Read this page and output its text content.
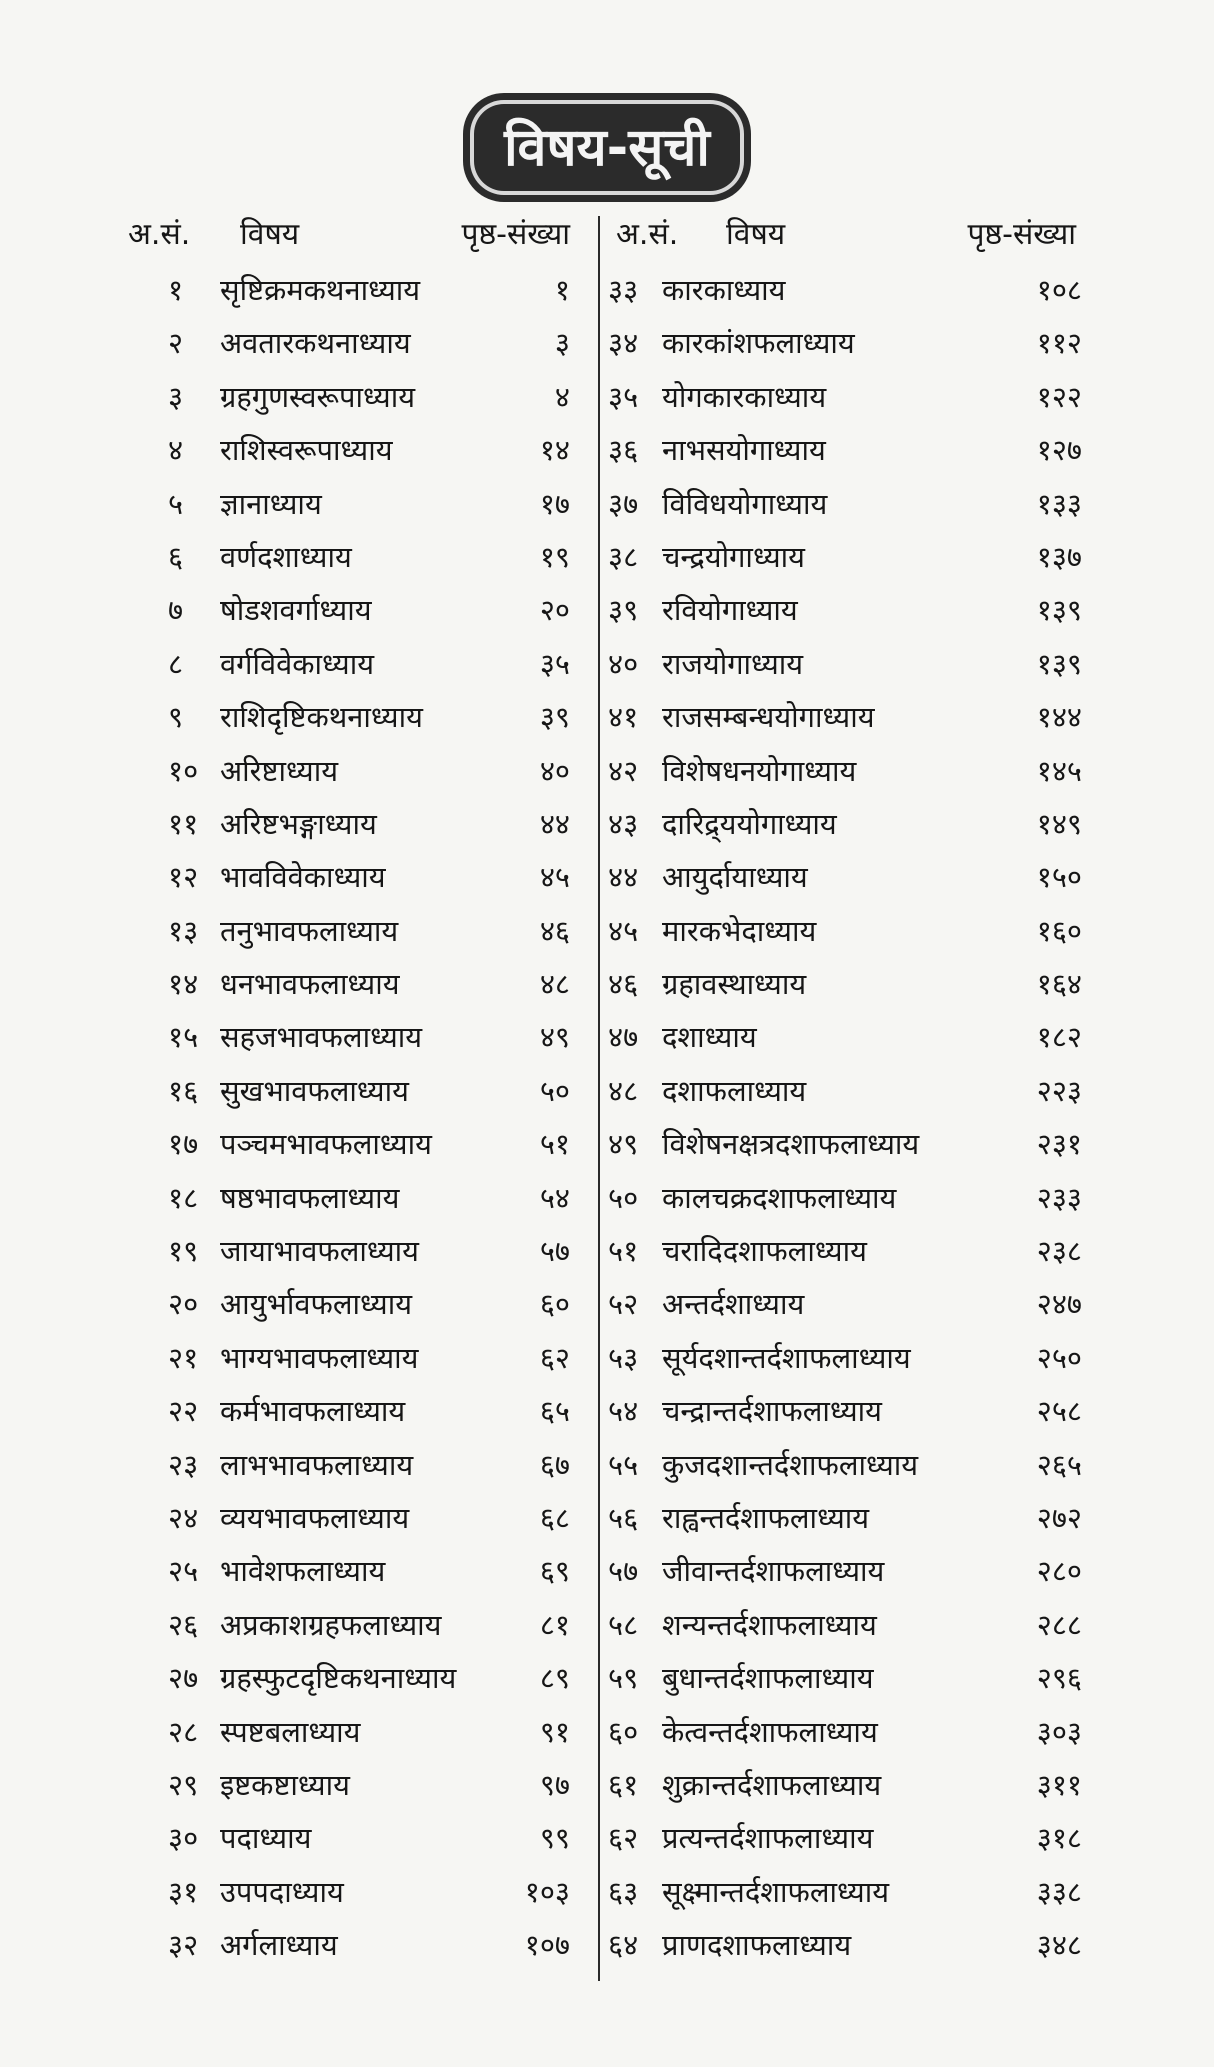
विषय-सूची
अ.सं. विषय	पृष्ठ-संख्या
१ सृष्टिक्रमकथनाध्याय	१
२ अवतारकथनाध्याय	३
३ ग्रहगुणस्वरूपाध्याय	४
४ राशिस्वरूपाध्याय	१४
५ ज्ञानाध्याय	१७
६ वर्णदशाध्याय	१९
७ षोडशवर्गाध्याय	२०
८ वर्गविवेकाध्याय	३५
९ राशिदृष्टिकथनाध्याय	३९
१० अरिष्टाध्याय	४०
११ अरिष्टभङ्गाध्याय	४४
१२ भावविवेकाध्याय	४५
१३ तनुभावफलाध्याय	४६
१४ धनभावफलाध्याय	४८
१५ सहजभावफलाध्याय	४९
१६ सुखभावफलाध्याय	५०
१७ पञ्चमभावफलाध्याय	५१
१८ षष्ठभावफलाध्याय	५४
१९ जायाभावफलाध्याय	५७
२० आयुर्भावफलाध्याय	६०
२१ भाग्यभावफलाध्याय	६२
२२ कर्मभावफलाध्याय	६५
२३ लाभभावफलाध्याय	६७
२४ व्ययभावफलाध्याय	६८
२५ भावेशफलाध्याय	६९
२६ अप्रकाशग्रहफलाध्याय	८१
२७ ग्रहस्फुटदृष्टिकथनाध्याय	८९
२८ स्पष्टबलाध्याय	९१
२९ इष्टकष्टाध्याय	९७
३० पदाध्याय	९९
३१ उपपदाध्याय	१०३
३२ अर्गलाध्याय	१०७
अ.सं. विषय	पृष्ठ-संख्या
३३ कारकाध्याय	१०८
३४ कारकांशफलाध्याय	११२
३५ योगकारकाध्याय	१२२
३६ नाभसयोगाध्याय	१२७
३७ विविधयोगाध्याय	१३३
३८ चन्द्रयोगाध्याय	१३७
३९ रवियोगाध्याय	१३९
४० राजयोगाध्याय	१३९
४१ राजसम्बन्धयोगाध्याय	१४४
४२ विशेषधनयोगाध्याय	१४५
४३ दारिद्र्ययोगाध्याय	१४९
४४ आयुर्दायाध्याय	१५०
४५ मारकभेदाध्याय	१६०
४६ ग्रहावस्थाध्याय	१६४
४७ दशाध्याय	१८२
४८ दशाफलाध्याय	२२३
४९ विशेषनक्षत्रदशाफलाध्याय	२३१
५० कालचक्रदशाफलाध्याय	२३३
५१ चरादिदशाफलाध्याय	२३८
५२ अन्तर्दशाध्याय	२४७
५३ सूर्यदशान्तर्दशाफलाध्याय	२५०
५४ चन्द्रान्तर्दशाफलाध्याय	२५८
५५ कुजदशान्तर्दशाफलाध्याय	२६५
५६ राह्वन्तर्दशाफलाध्याय	२७२
५७ जीवान्तर्दशाफलाध्याय	२८०
५८ शन्यन्तर्दशाफलाध्याय	२८८
५९ बुधान्तर्दशाफलाध्याय	२९६
६० केत्वन्तर्दशाफलाध्याय	३०३
६१ शुक्रान्तर्दशाफलाध्याय	३११
६२ प्रत्यन्तर्दशाफलाध्याय	३१८
६३ सूक्ष्मान्तर्दशाफलाध्याय	३३८
६४ प्राणदशाफलाध्याय	३४८
